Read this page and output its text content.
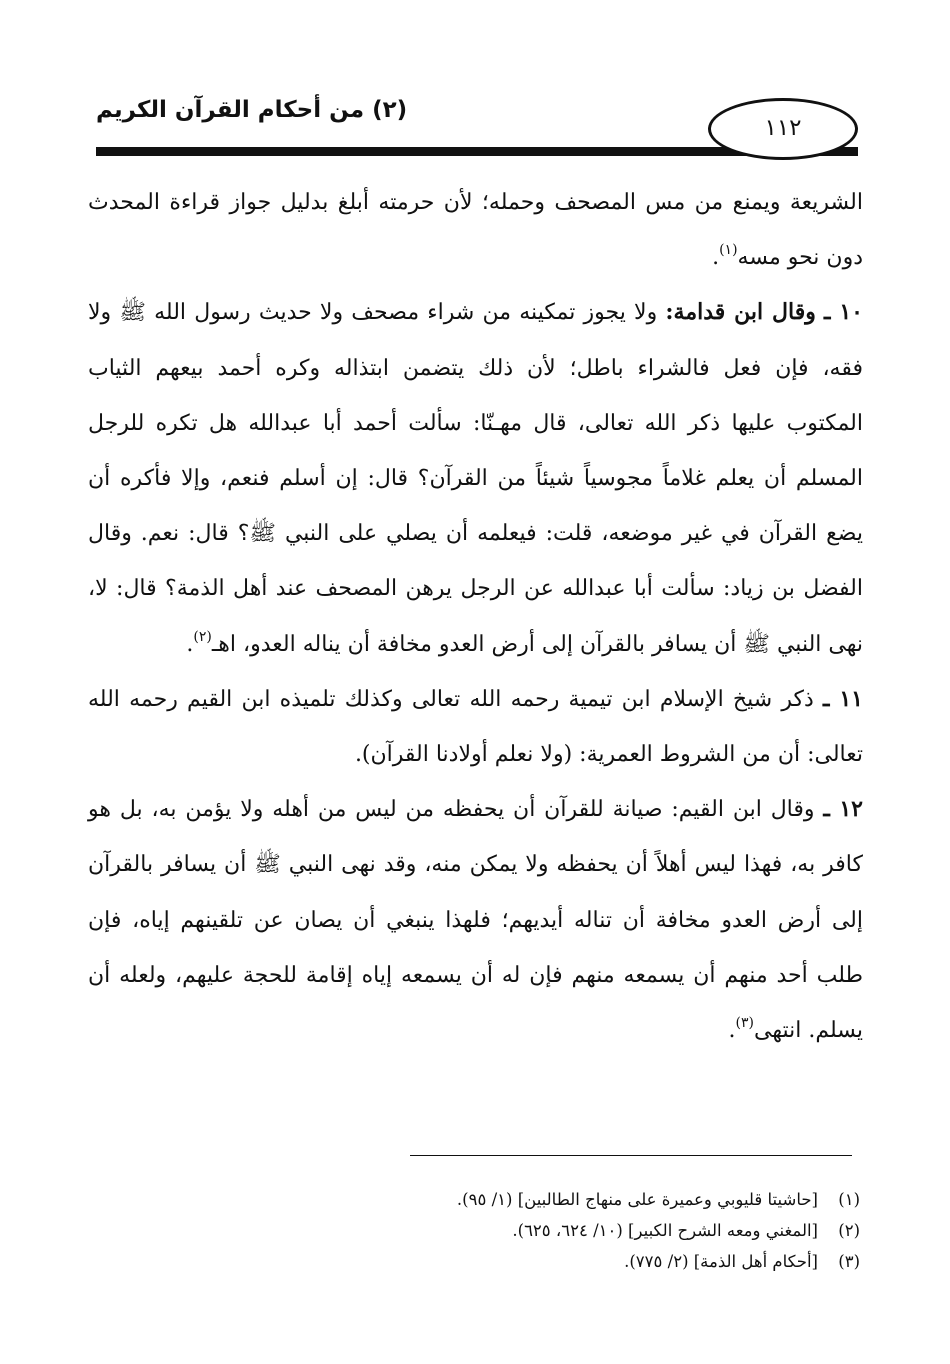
(٢) من أحكام القرآن الكريم
١١٢

الشريعة ويمنع من مس المصحف وحمله؛ لأن حرمته أبلغ بدليل جواز قراءة المحدث دون نحو مسه$^{(١)}$.

١٠ ـ وقال ابن قدامة: ولا يجوز تمكينه من شراء مصحف ولا حديث رسول الله ﷺ ولا فقه، فإن فعل فالشراء باطل؛ لأن ذلك يتضمن ابتذاله وكره أحمد بيعهم الثياب المكتوب عليها ذكر الله تعالى، قال مهـنّا: سألت أحمد أبا عبدالله هل تكره للرجل المسلم أن يعلم غلاماً مجوسياً شيئاً من القرآن؟ قال: إن أسلم فنعم، وإلا فأكره أن يضع القرآن في غير موضعه، قلت: فيعلمه أن يصلي على النبي ﷺ؟ قال: نعم. وقال الفضل بن زياد: سألت أبا عبدالله عن الرجل يرهن المصحف عند أهل الذمة؟ قال: لا، نهى النبي ﷺ أن يسافر بالقرآن إلى أرض العدو مخافة أن يناله العدو، اهـ$^{(٢)}$.

١١ ـ ذكر شيخ الإسلام ابن تيمية رحمه الله تعالى وكذلك تلميذه ابن القيم رحمه الله تعالى: أن من الشروط العمرية: (ولا نعلم أولادنا القرآن).

١٢ ـ وقال ابن القيم: صيانة للقرآن أن يحفظه من ليس من أهله ولا يؤمن به، بل هو كافر به، فهذا ليس أهلاً أن يحفظه ولا يمكن منه، وقد نهى النبي ﷺ أن يسافر بالقرآن إلى أرض العدو مخافة أن تناله أيديهم؛ فلهذا ينبغي أن يصان عن تلقينهم إياه، فإن طلب أحد منهم أن يسمعه منهم فإن له أن يسمعه إياه إقامة للحجة عليهم، ولعله أن يسلم. انتهى$^{(٣)}$.

(١)[حاشيتا قليوبي وعميرة على منهاج الطالبين] (١/ ٩٥).
(٢)[المغني ومعه الشرح الكبير] (١٠/ ٦٢٤، ٦٢٥).
(٣)[أحكام أهل الذمة] (٢/ ٧٧٥).
